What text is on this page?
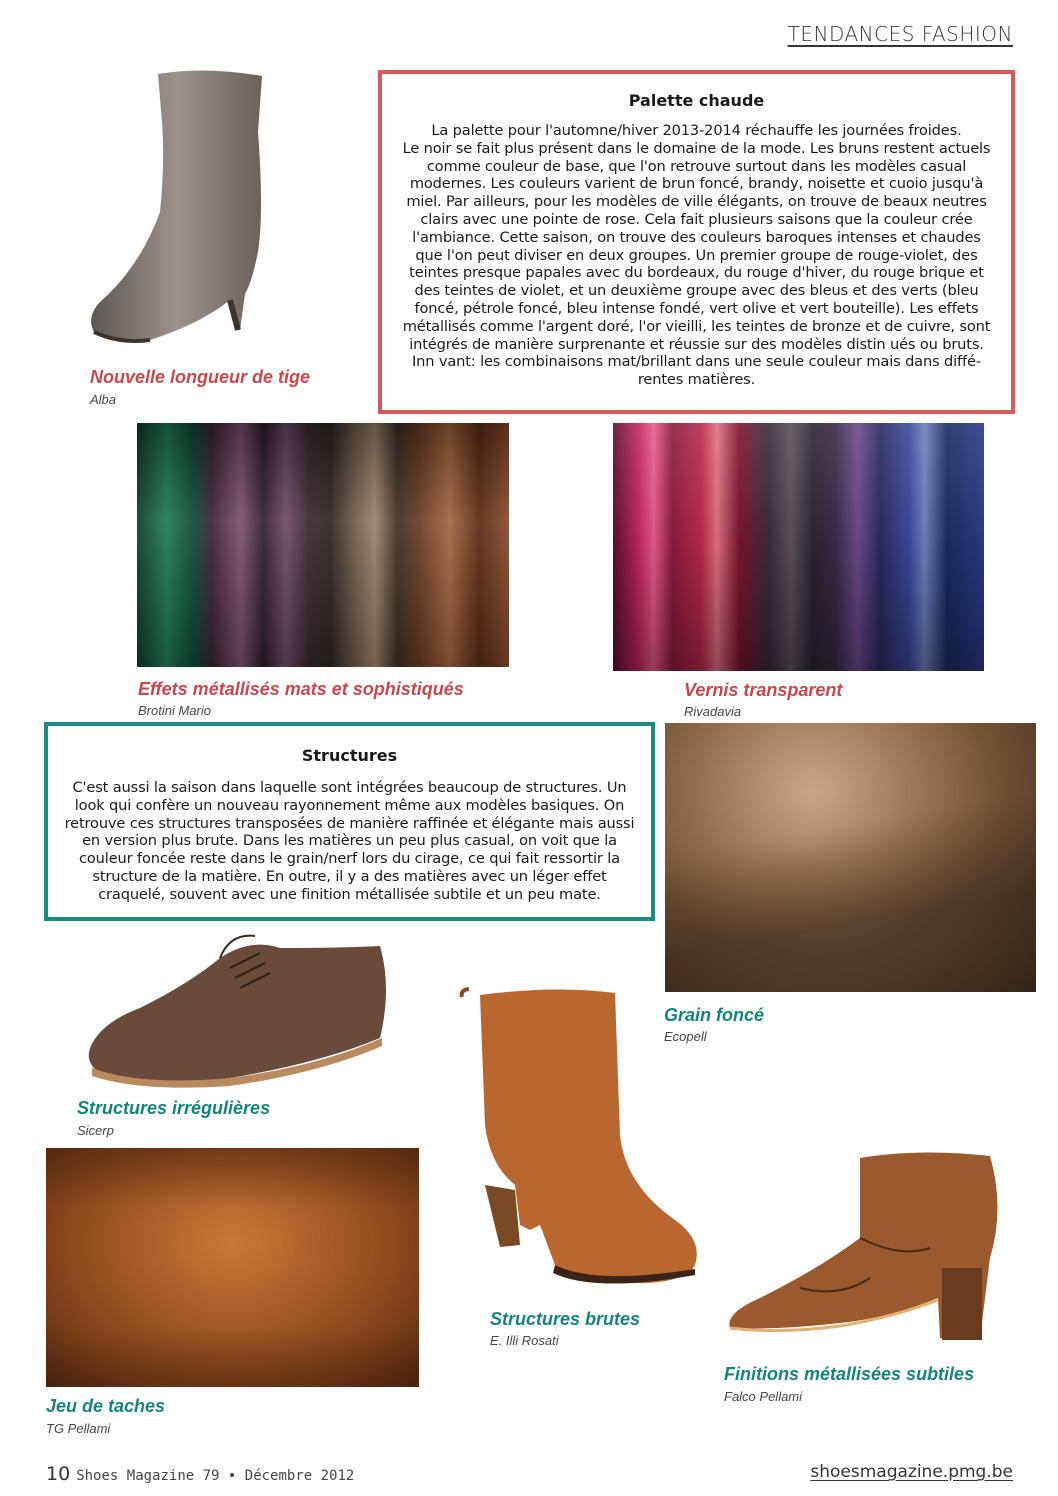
TENDANCES FASHION
Nouvelle longueur de tige
Alba
Palette chaude
La palette pour l'automne/hiver 2013-2014 réchauffe les journées froides.
Le noir se fait plus présent dans le domaine de la mode. Les bruns restent actuels
comme couleur de base, que l'on retrouve surtout dans les modèles casual
modernes. Les couleurs varient de brun foncé, brandy, noisette et cuoio jusqu'à
miel. Par ailleurs, pour les modèles de ville élégants, on trouve de beaux neutres
clairs avec une pointe de rose. Cela fait plusieurs saisons que la couleur crée
l'ambiance. Cette saison, on trouve des couleurs baroques intenses et chaudes
que l'on peut diviser en deux groupes. Un premier groupe de rouge-violet, des
teintes presque papales avec du bordeaux, du rouge d'hiver, du rouge brique et
des teintes de violet, et un deuxième groupe avec des bleus et des verts (bleu
foncé, pétrole foncé, bleu intense fondé, vert olive et vert bouteille). Les effets
métallisés comme l'argent doré, l'or vieilli, les teintes de bronze et de cuivre, sont
intégrés de manière surprenante et réussie sur des modèles distin ués ou bruts.
Inn vant: les combinaisons mat/brillant dans une seule couleur mais dans diffé-
rentes matières.
Effets métallisés mats et sophistiqués
Brotini Mario
Vernis transparent
Rivadavia
Structures
C'est aussi la saison dans laquelle sont intégrées beaucoup de structures. Un
look qui confère un nouveau rayonnement même aux modèles basiques. On
retrouve ces structures transposées de manière raffinée et élégante mais aussi
en version plus brute. Dans les matières un peu plus casual, on voit que la
couleur foncée reste dans le grain/nerf lors du cirage, ce qui fait ressortir la
structure de la matière. En outre, il y a des matières avec un léger effet
craquelé, souvent avec une finition métallisée subtile et un peu mate.
Grain foncé
Ecopell
Structures irrégulières
Sicerp
Structures brutes
E. Illi Rosati
Jeu de taches
TG Pellami
Finitions métallisées subtiles
Falco Pellami
10 Shoes Magazine 79 • Décembre 2012	shoesmagazine.pmg.be
